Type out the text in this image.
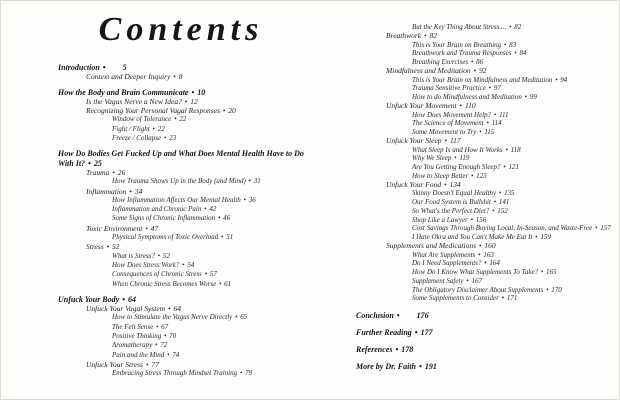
Contents
Introduction • 5
Context and Deeper Inquiry • 8
How the Body and Brain Communicate • 10
Is the Vagus Nerve a New Idea? • 12
Recognizing Your Personal Vagal Responses • 20
Window of Tolerance • 22
Fight / Flight • 22
Freeze / Collapse • 23
How Do Bodies Get Fucked Up and What Does Mental Health Have to Do With It? • 25
Trauma • 26
How Trauma Shows Up in the Body (and Mind) • 31
Inflammation • 34
How Inflammation Affects Our Mental Health • 36
Inflammation and Chronic Pain • 42
Some Signs of Chronic Inflammation • 46
Toxic Environment • 47
Physical Symptoms of Toxic Overload • 51
Stress • 52
What is Stress? • 52
How Does Stress Work? • 54
Consequences of Chronic Stress • 57
When Chronic Stress Becomes Worse • 61
Unfuck Your Body • 64
Unfuck Your Vagal System • 64
How to Stimulate the Vagus Nerve Directly • 65
The Felt Sense • 67
Positive Thinking • 70
Aromatherapy • 72
Pain and the Mind • 74
Unfuck Your Stress • 77
Embracing Stress Through Mindset Training • 79
But the Key Thing About Stress.... • 82
Breathwork • 82
This is Your Brain on Breathing • 83
Breathwork and Trauma Responses • 84
Breathing Exercises • 86
Mindfulness and Meditation • 92
This is Your Brain on Mindfulness and Meditation • 94
Trauma Sensitive Practice • 97
How to do Mindfulness and Meditation • 99
Unfuck Your Movement • 110
How Does Movement Help? • 111
The Science of Movement • 114
Some Movement to Try • 115
Unfuck Your Sleep • 117
What Sleep Is and How It Works • 118
Why We Sleep • 119
Are You Getting Enough Sleep? • 121
How to Sleep Better • 123
Unfuck Your Food • 134
Skinny Doesn't Equal Healthy • 135
Our Food System is Bullshit • 141
So What's the Perfect Diet? • 152
Shop Like a Lawyer • 156
Cost Savings Through Buying Local, In-Season, and Waste-Free • 157
I Hate Okra and You Can't Make Me Eat It • 159
Supplements and Medications • 160
What Are Supplements • 163
Do I Need Supplements? • 164
How Do I Know What Supplements To Take? • 165
Supplement Safety • 167
The Obligatory Disclaimer About Supplements • 170
Some Supplements to Consider • 171
Conclusion • 176
Further Reading • 177
References • 178
More by Dr. Faith • 191
